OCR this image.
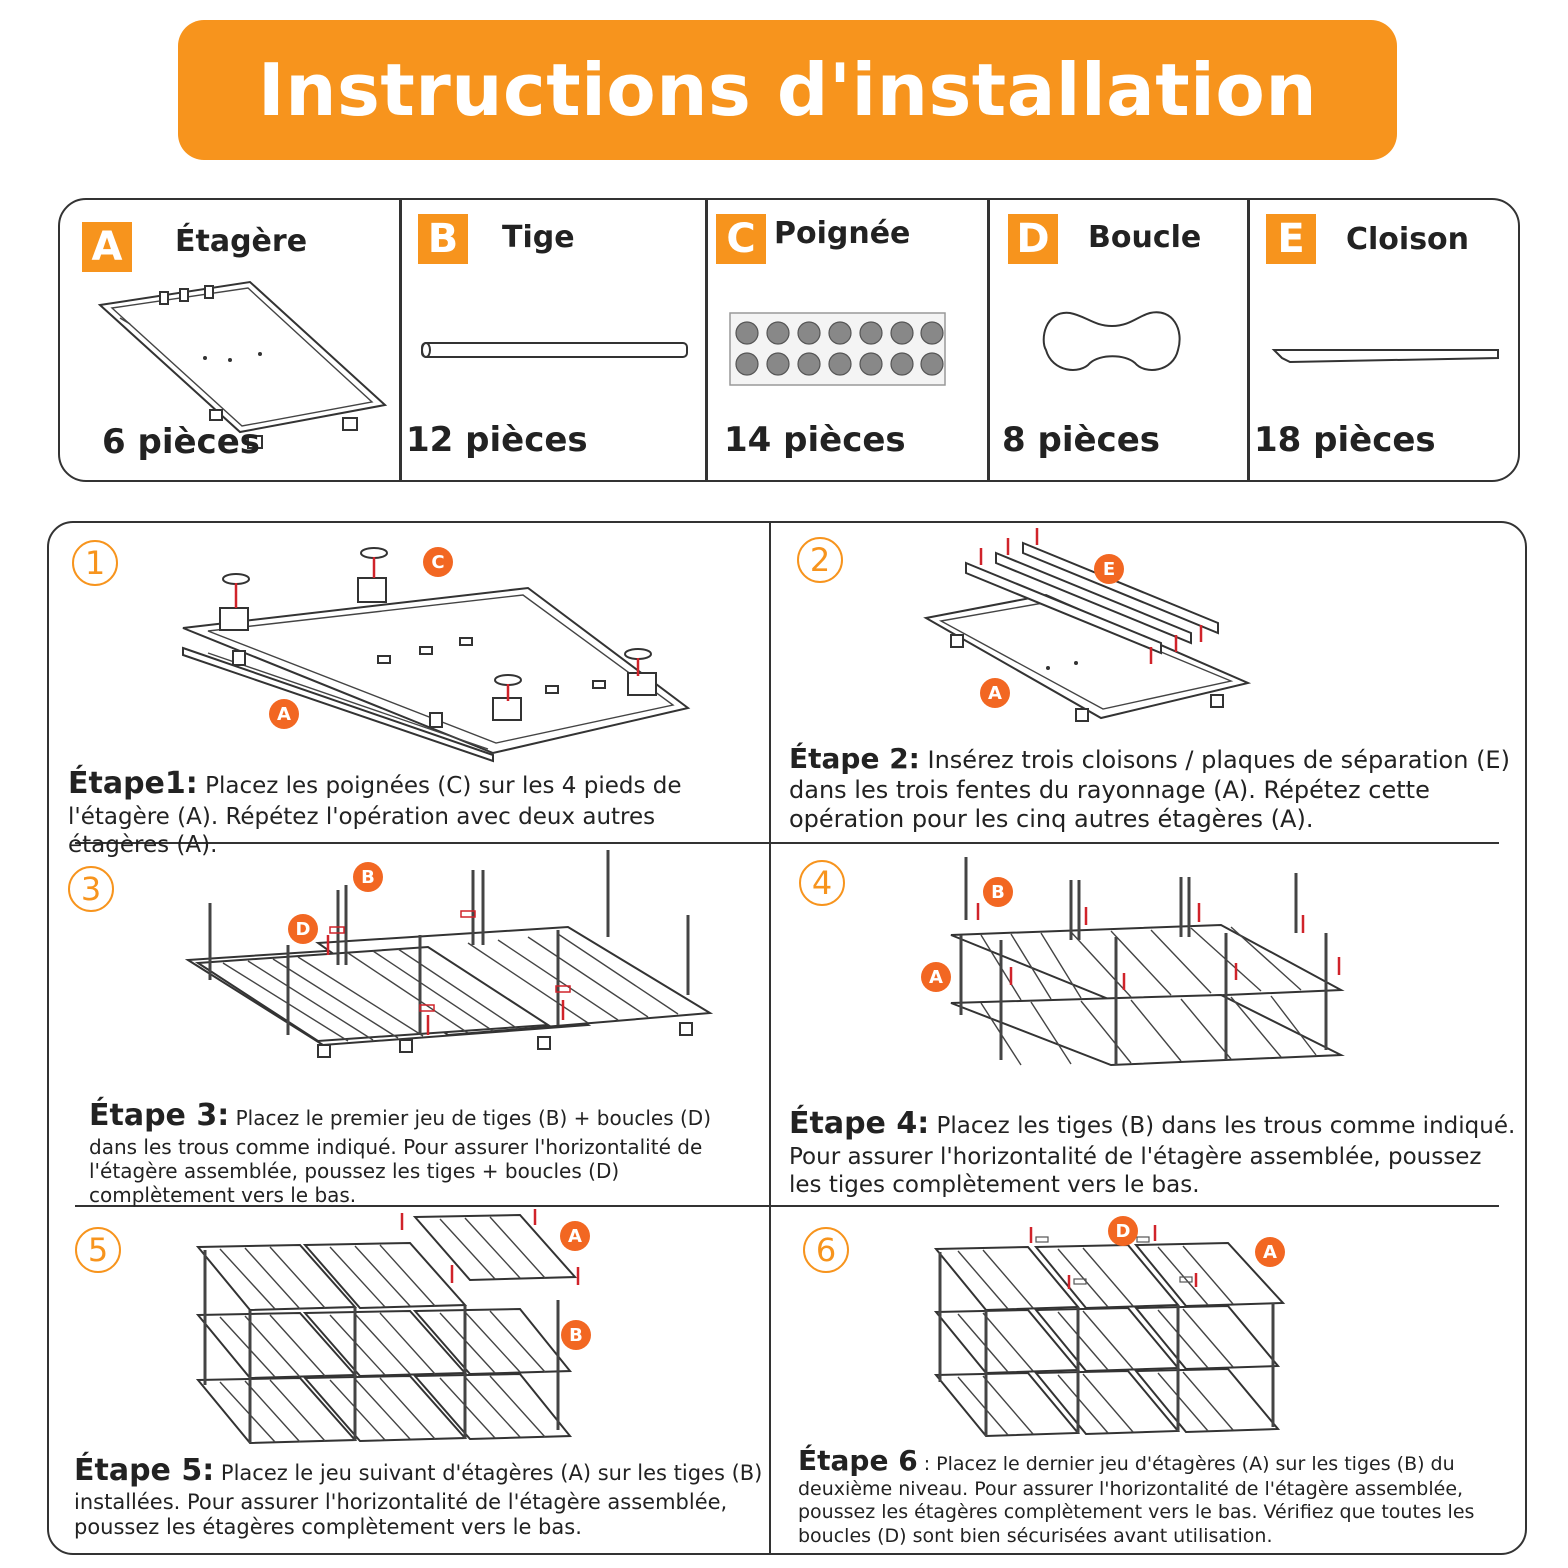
Instructions d'installation
A	Étagère
6 pièces
B	Tige
12 pièces
C Poignée
14 pièces
D Boucle
8 pièces
E	Cloison
18 pièces
1	C
A
Étape1: Placez les poignées (C) sur les 4 pieds de l'étagère (A). Répétez l'opération avec deux autres étagères (A).
2	E
A
Étape 2: Insérez trois cloisons / plaques de séparation (E) dans les trois fentes du rayonnage (A). Répétez cette opération pour les cinq autres étagères (A).
3	B
D
Étape 3: Placez le premier jeu de tiges (B) + boucles (D) dans les trous comme indiqué. Pour assurer l'horizontalité de l'étagère assemblée, poussez les tiges + boucles (D) complètement vers le bas.
4	B
A
Étape 4: Placez les tiges (B) dans les trous comme indiqué. Pour assurer l'horizontalité de l'étagère assemblée, poussez les tiges complètement vers le bas.
5	A
B
Étape 5: Placez le jeu suivant d'étagères (A) sur les tiges (B) installées. Pour assurer l'horizontalité de l'étagère assemblée, poussez les étagères complètement vers le bas.
6	D
A
Étape 6 : Placez le dernier jeu d'étagères (A) sur les tiges (B) du deuxième niveau. Pour assurer l'horizontalité de l'étagère assemblée, poussez les étagères complètement vers le bas. Vérifiez que toutes les boucles (D) sont bien sécurisées avant utilisation.
